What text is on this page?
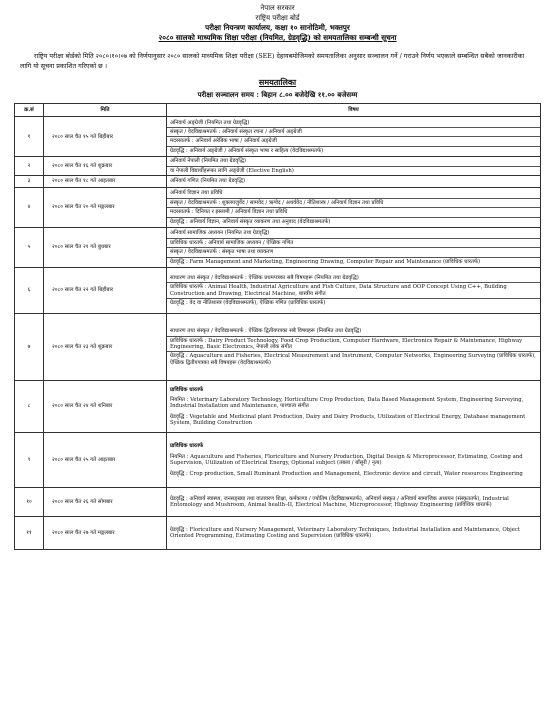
नेपाल सरकार
राष्ट्रिय परीक्षा बोर्ड
परीक्षा नियन्त्रण कार्यालय, कक्षा १० सानोठिमी, भक्तपुर
२०८० सालको माध्यमिक शिक्षा परीक्षा (नियमित, ग्रेडवृद्धि) को समयतालिका सम्बन्धी सूचना
राष्ट्रिय परीक्षा बोर्डको मिति २०८०।१०।०७ को निर्णयानुसार २०८० सालको माध्यमिक शिक्षा परीक्षा (SEE) देहायबमोजिमको समयतालिका अनुसार सञ्चालन गर्ने / गराउने निर्णय भएकाले सम्बन्धित सबैको जानकारीका लागि यो सूचना प्रकाशित गरिएको छ ।
समयतालिका
परीक्षा सञ्चालन समय : बिहान ८.०० बजेदेखि ११.०० बजेसम्म
क्र.सं	मिति	विषय
१	२०८० साल चैत १५ गते बिहीबार	अनिवार्य अङ्ग्रेजी (नियमित तथा ग्रेडवृद्धि)
संस्कृत / वेदविद्याश्रमतर्फ : अनिवार्य संस्कृत रचना / अनिवार्य अङ्ग्रेजी
मदरसातर्फ : अनिवार्य अरेबिक भाषा / अनिवार्य अङ्ग्रेजी
ग्रेडवृद्धि : अनिवार्य अङ्ग्रेजी / अनिवार्य संस्कृत भाषा र साहित्य (वेदविद्याश्रमतर्फ)

२	२०८० साल चैत १६ गते शुक्रबार	अनिवार्य नेपाली (नियमित तथा ग्रेडवृद्धि)
वा नेपाली विद्यार्थीहरूका लागि अङ्ग्रेजी (Elective English)

३	२०८० साल चैत १८ गते आइतबार	अनिवार्य गणित (नियमित तथा ग्रेडवृद्धि)

४	२०८० साल चैत २० गते मङ्गलबार	अनिवार्य विज्ञान तथा प्रविधि
संस्कृत / वेदविद्याश्रमतर्फ : शुक्लयजुर्वेद / सामवेद / ऋग्वेद / अथर्ववेद / नीतिशास्त्र / अनिवार्य विज्ञान तथा प्रविधि
मदरसातर्फ : दिनियत र इस्लामी / अनिवार्य विज्ञान तथा प्रविधि
ग्रेडवृद्धि : अनिवार्य विज्ञान, अनिवार्य संस्कृत व्याकरण तथा अनुवाद (वेदविद्याश्रमतर्फ)

५	२०८० साल चैत २१ गते बुधबार	अनिवार्य सामाजिक अध्ययन (नियमित तथा ग्रेडवृद्धि)
प्राविधिक धारतर्फ : अनिवार्य सामाजिक अध्ययन / ऐच्छिक गणित
संस्कृत / वेदविद्याश्रमतर्फ : संस्कृत भाषा तथा व्याकरण
ग्रेडवृद्धि : Farm Management and Marketing, Engineering Drawing, Computer Repair and Maintenance (प्राविधिक धारतर्फ)

६	२०८० साल चैत २२ गते बिहीबार	साधारण तथा संस्कृत / वेदविद्याश्रमतर्फ : ऐच्छिक प्रथमपत्रका सबै विषयहरू (नियमित तथा ग्रेडवृद्धि)
प्राविधिक धारतर्फ : Animal Health, Industrial Agriculture and Fish Culture, Data Structure and OOP Concept Using C++, Building Construction and Drawing, Electrical Machine, शास्त्रीय संगीत
ग्रेडवृद्धि : वेद वा नीतिशास्त्र (वेदविद्याश्रमतर्फ), ऐच्छिक गणित (प्राविधिक धारतर्फ)

७	२०८० साल चैत २३ गते शुक्रबार	साधारण तथा संस्कृत / वेदविद्याश्रमतर्फ : ऐच्छिक द्वितीयपत्रका सबै विषयहरू (नियमित तथा ग्रेडवृद्धि)
प्राविधिक धारतर्फ : Dairy Product Technology, Food Crop Production, Computer Hardware, Electronics Repair & Maintenance, Highway Engineering, Basic Electronics, नेपाली लोक संगीत
ग्रेडवृद्धि : Aquaculture and Fisheries, Electrical Measurement and Instrument, Computer Networks, Engineering Surveying (प्राविधिक धारतर्फ), ऐच्छिक द्वितीयपत्रका सबै विषयहरू (वेदविद्याश्रमतर्फ)

८	२०८० साल चैत २४ गते शनिबार	प्राविधिक धारतर्फ
नियमित : Veterinary Laboratory Technology, Horticulture Crop Production, Data Based Management System, Engineering Surveying, Industrial Installation and Maintenance, पाश्चात्य संगीत
ग्रेडवृद्धि : Vegetable and Medicinal plant Production, Dairy and Dairy Products, Utilization of Electrical Energy, Database management System, Building Construction

९	२०८० साल चैत २५ गते आइतबार	प्राविधिक धारतर्फ
नियमित : Aquaculture and Fisheries, Floriculture and Nursery Production, Digital Design & Microprocessor, Estimating, Costing and Supervision, Utilization of Electrical Energy, Optional subject (तबला / बाँसुरी / नृत्य)
ग्रेडवृद्धि : Crop production, Small Ruminant Production and Management, Electronic device and circuit, Water resources Engineering

१०	२०८० साल चैत २६ गते सोमबार	ग्रेडवृद्धि : अनिवार्य स्वास्थ्य, जनसङ्ख्या तथा वातावरण शिक्षा, कर्मकाण्ड / ज्योतिष (वेदविद्याश्रमतर्फ), अनिवार्य संस्कृत / अनिवार्य सामाजिक अध्ययन (संस्कृततर्फ), Industrial Entomology and Mushroom, Animal health–II, Electrical Machine, Microprocessor, Highway Engineering (प्राविधिक धारतर्फ)

११	२०८० साल चैत २७ गते मङ्गलबार	ग्रेडवृद्धि : Floriculture and Nursery Management, Veterinary Laboratory Techniques, Industrial Installation and Maintenance, Object Oriented Programming, Estimating Costing and Supervision (प्राविधिक धारतर्फ)
